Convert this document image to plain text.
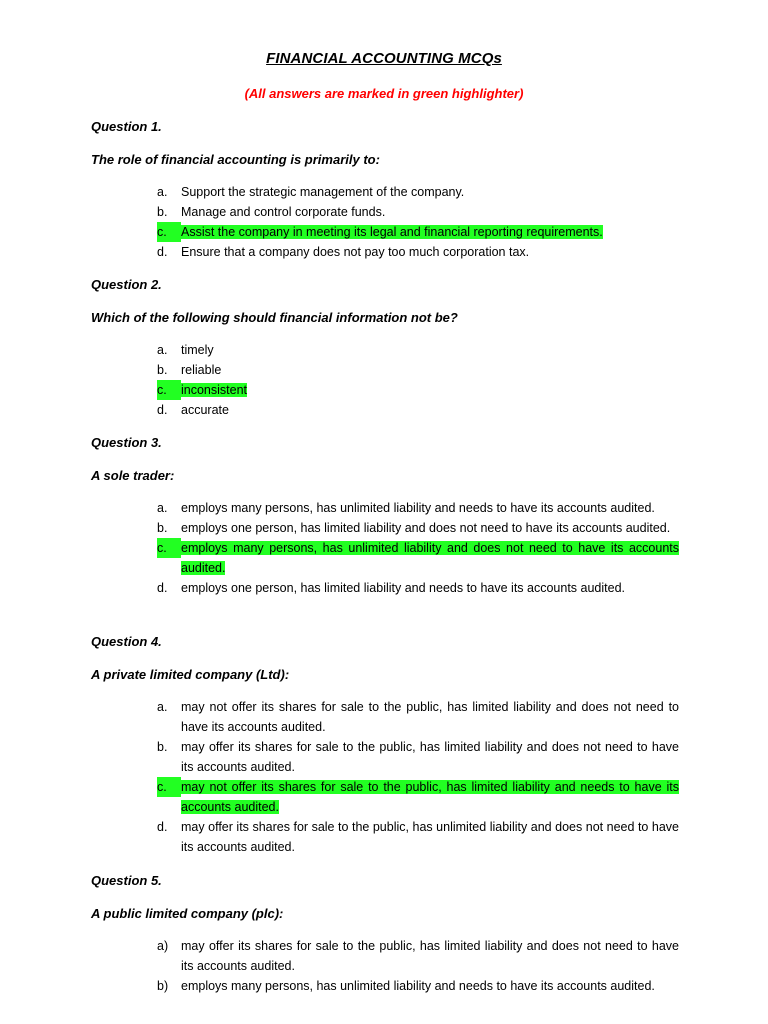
FINANCIAL ACCOUNTING MCQs
(All answers are marked in green highlighter)
Question 1.
The role of financial accounting is primarily to:
a. Support the strategic management of the company.
b. Manage and control corporate funds.
c.	Assist the company in meeting its legal and financial reporting requirements.
d. Ensure that a company does not pay too much corporation tax.
Question 2.
Which of the following should financial information not be?
a. timely
b. reliable
c.	inconsistent
d. accurate
Question 3.
A sole trader:
a. employs many persons, has unlimited liability and needs to have its accounts audited.
b. employs one person, has limited liability and does not need to have its accounts audited.
c.	employs many persons, has unlimited liability and does not need to have its accounts audited.
d. employs one person, has limited liability and needs to have its accounts audited.
Question 4.
A private limited company (Ltd):
a. may not offer its shares for sale to the public, has limited liability and does not need to have its accounts audited.
b. may offer its shares for sale to the public, has limited liability and does not need to have its accounts audited.
c.	may not offer its shares for sale to the public, has limited liability and needs to have its accounts audited.
d. may offer its shares for sale to the public, has unlimited liability and does not need to have its accounts audited.
Question 5.
A public limited company (plc):
a) may offer its shares for sale to the public, has limited liability and does not need to have its accounts audited.
b) employs many persons, has unlimited liability and needs to have its accounts audited.
